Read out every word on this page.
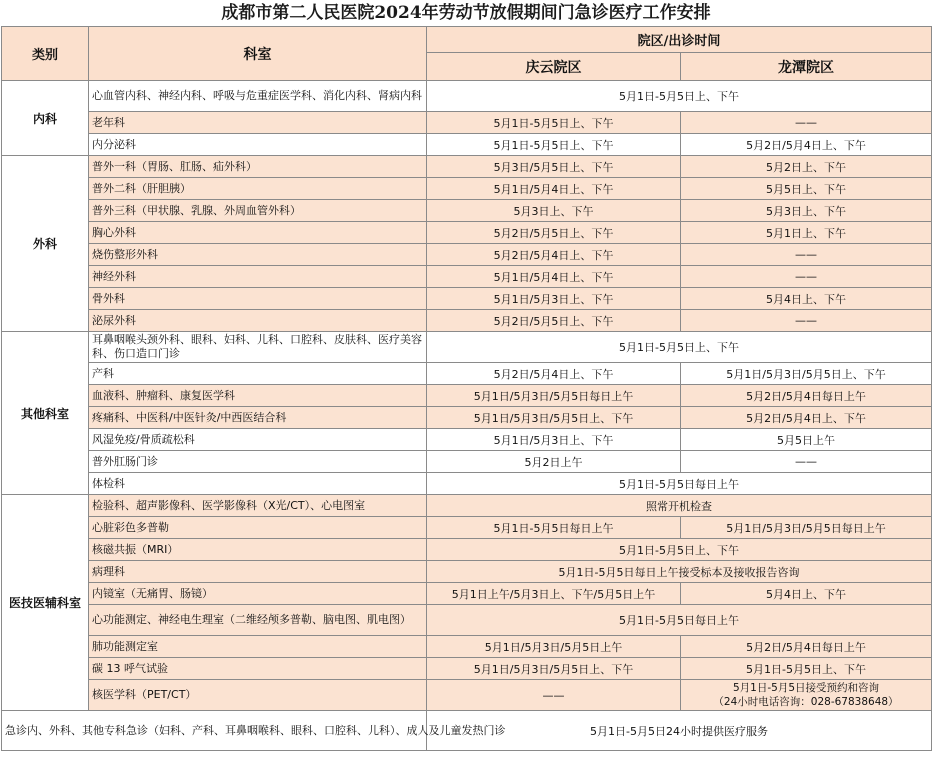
成都市第二人民医院2024年劳动节放假期间门急诊医疗工作安排
类别	科室	院区/出诊时间	
		庆云院区	龙潭院区
内科	心血管内科、神经内科、呼吸与危重症医学科、消化内科、肾病内科	5月1日-5月5日上、下午	
	老年科	5月1日-5月5日上、下午	——
	内分泌科	5月1日-5月5日上、下午	5月2日/5月4日上、下午
外科	普外一科（胃肠、肛肠、疝外科）	5月3日/5月5日上、下午	5月2日上、下午
	普外二科（肝胆胰）	5月1日/5月4日上、下午	5月5日上、下午
	普外三科（甲状腺、乳腺、外周血管外科）	5月3日上、下午	5月3日上、下午
	胸心外科	5月2日/5月5日上、下午	5月1日上、下午
	烧伤整形外科	5月2日/5月4日上、下午	——
	神经外科	5月1日/5月4日上、下午	——
	骨外科	5月1日/5月3日上、下午	5月4日上、下午
	泌尿外科	5月2日/5月5日上、下午	——
其他科室	耳鼻咽喉头颈外科、眼科、妇科、儿科、口腔科、皮肤科、医疗美容科、伤口造口门诊	5月1日-5月5日上、下午	
	产科	5月2日/5月4日上、下午	5月1日/5月3日/5月5日上、下午
	血液科、肿瘤科、康复医学科	5月1日/5月3日/5月5日每日上午	5月2日/5月4日每日上午
	疼痛科、中医科/中医针灸/中西医结合科	5月1日/5月3日/5月5日上、下午	5月2日/5月4日上、下午
	风湿免疫/骨质疏松科	5月1日/5月3日上、下午	5月5日上午
	普外肛肠门诊	5月2日上午	——
	体检科	5月1日-5月5日每日上午	
医技医辅科室	检验科、超声影像科、医学影像科（X光/CT）、心电图室	照常开机检查	
	心脏彩色多普勒	5月1日-5月5日每日上午	5月1日/5月3日/5月5日每日上午
	核磁共振（MRI）	5月1日-5月5日上、下午	
	病理科	5月1日-5月5日每日上午接受标本及接收报告咨询	
	内镜室（无痛胃、肠镜）	5月1日上午/5月3日上、下午/5月5日上午	5月4日上、下午
	心功能测定、神经电生理室（二维经颅多普勒、脑电图、肌电图）	5月1日-5月5日每日上午	
	肺功能测定室	5月1日/5月3日/5月5日上午	5月2日/5月4日每日上午
	碳 13 呼气试验	5月1日/5月3日/5月5日上、下午	5月1日-5月5日上、下午
	核医学科（PET/CT）	——	5月1日-5月5日接受预约和咨询
（24小时电话咨询：028-67838648）

急诊内、外科、其他专科急诊（妇科、产科、耳鼻咽喉科、眼科、口腔科、儿科）、成人及儿童发热门诊		5月1日-5月5日24小时提供医疗服务	
